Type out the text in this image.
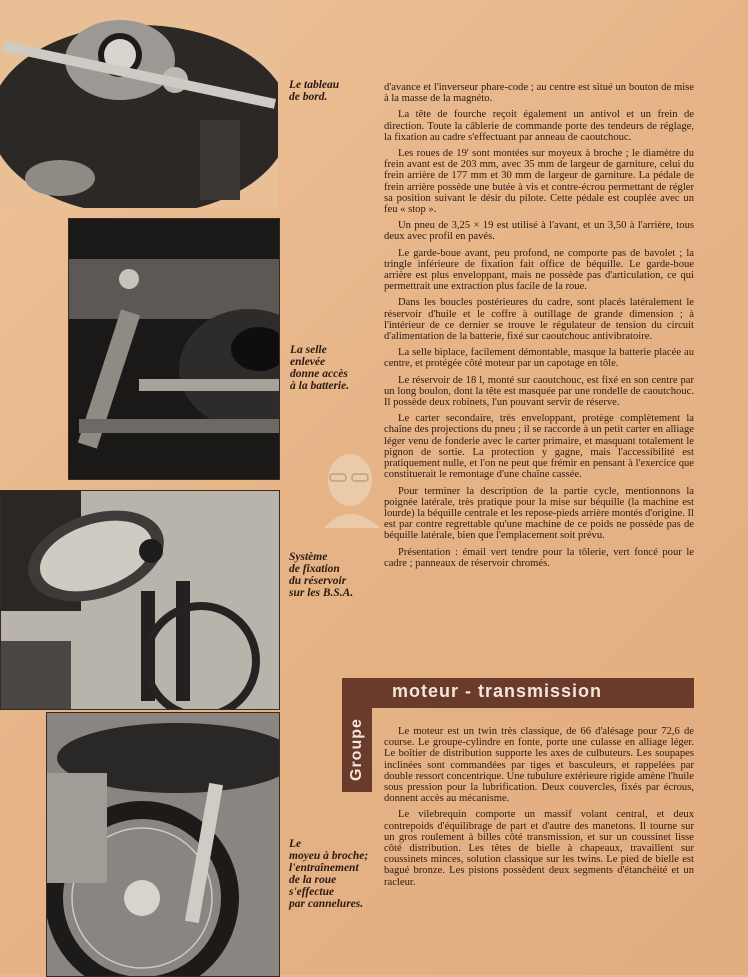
Le tableau
de bord.
La selle
enlevée
donne accès
à la batterie.
Système
de fixation
du réservoir
sur les B.S.A.
Le
moyeu à broche;
l'entraînement
de la roue
s'effectue
par cannelures.

d'avance et l'inverseur phare-code ; au centre est situé un bouton de mise à la masse de la magnéto.

La tête de fourche reçoit également un antivol et un frein de direction. Toute la câblerie de commande porte des tendeurs de réglage, la fixation au cadre s'effectuant par anneau de caoutchouc.

Les roues de 19' sont montées sur moyeux à broche ; le diamètre du frein avant est de 203 mm, avec 35 mm de largeur de garniture, celui du frein arrière de 177 mm et 30 mm de largeur de garniture. La pédale de frein arrière possède une butée à vis et contre-écrou permettant de régler sa position suivant le désir du pilote. Cette pédale est couplée avec un feu « stop ».

Un pneu de 3,25 × 19 est utilisé à l'avant, et un 3,50 à l'arrière, tous deux avec profil en pavés.

Le garde-boue avant, peu profond, ne comporte pas de bavolet ; la tringle inférieure de fixation fait office de béquille. Le garde-boue arrière est plus enveloppant, mais ne possède pas d'articulation, ce qui permettrait une extraction plus facile de la roue.

Dans les boucles postérieures du cadre, sont placés latéralement le réservoir d'huile et le coffre à outillage de grande dimension ; à l'intérieur de ce dernier se trouve le régulateur de tension du circuit d'alimentation de la batterie, fixé sur caoutchouc antivibratoire.

La selle biplace, facilement démontable, masque la batterie placée au centre, et protégée côté moteur par un capotage en tôle.

Le réservoir de 18 l, monté sur caoutchouc, est fixé en son centre par un long boulon, dont la tête est masquée par une rondelle de caoutchouc. Il possède deux robinets, l'un pouvant servir de réserve.

Le carter secondaire, très enveloppant, protège complètement la chaîne des projections du pneu ; il se raccorde à un petit carter en alliage léger venu de fonderie avec le carter primaire, et masquant totalement le pignon de sortie. La protection y gagne, mais l'accessibilité est pratiquement nulle, et l'on ne peut que frémir en pensant à l'exercice que constituerait le remontage d'une chaîne cassée.

Pour terminer la description de la partie cycle, mentionnons la poignée latérale, très pratique pour la mise sur béquille (la machine est lourde) la béquille centrale et les repose-pieds arrière montés d'origine. Il est par contre regrettable qu'une machine de ce poids ne possède pas de béquille latérale, bien que l'emplacement soit prévu.

Présentation : émail vert tendre pour la tôlerie, vert foncé pour le cadre ; panneaux de réservoir chromés.

moteur - transmission
Groupe	Le moteur est un twin très classique, de 66 d'alésage pour 72,6 de course. Le groupe-cylindre en fonte, porte une culasse en alliage léger. Le boîtier de distribution supporte les axes de culbuteurs. Les soupapes inclinées sont commandées par tiges et basculeurs, et rappelées par double ressort concentrique. Une tubulure extérieure rigide amène l'huile sous pression pour la lubrification. Deux couvercles, fixés par écrous, donnent accès au mécanisme.

Le vilebrequin comporte un massif volant central, et deux contrepoids d'équilibrage de part et d'autre des manetons. Il tourne sur un gros roulement à billes côté transmission, et sur un coussinet lisse côté distribution. Les têtes de bielle à chapeaux, travaillent sur coussinets minces, solution classique sur les twins. Le pied de bielle est bagué bronze. Les pistons possèdent deux segments d'étanchéité et un racleur.
